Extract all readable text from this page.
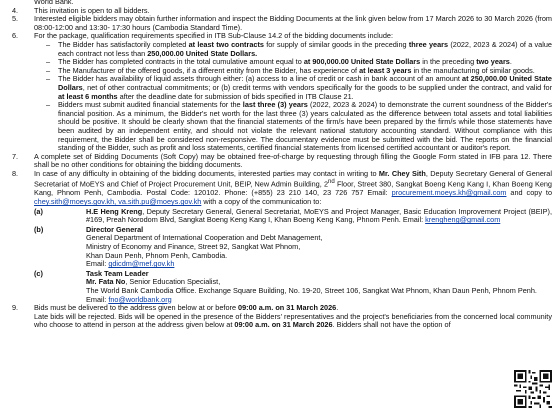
World Bank.
4.	This invitation is open to all bidders.
5.	Interested eligible bidders may obtain further information and inspect the Bidding Documents at the link given below from 17 March 2026 to 30 March 2026 (from 08:00-12:00 and 13:30- 17:30 hours (Cambodia Standard Time).
6.	For the package, qualification requirements specified in ITB Sub-Clause 14.2 of the bidding documents include:
– The Bidder has satisfactorily completed at least two contracts for supply of similar goods in the preceding three years (2022, 2023 & 2024) of a value each contract not less than 250,000.00 United State Dollars.
– The Bidder has completed contracts in the total cumulative amount equal to at 900,000.00 United State Dollars in the preceding two years.
– The Manufacturer of the offered goods, if a different entity from the Bidder, has experience of at least 3 years in the manufacturing of similar goods.
– The Bidder has availability of liquid assets through either: (a) access to a line of credit or cash in bank account of an amount at 250,000.00 United State Dollars, net of other contractual commitments; or (b) credit terms with vendors specifically for the goods to be supplied under the contract, and valid for at least 6 months after the deadline date for submission of bids specified in ITB Clause 21.
– Bidders must submit audited financial statements for the last three (3) years (2022, 2023 & 2024) to demonstrate the current soundness of the Bidder's financial position. As a minimum, the Bidder's net worth for the last three (3) years calculated as the difference between total assets and total liabilities should be positive. It should be clearly shown that the financial statements of the firm/s have been prepared by the firm/s while those statements have been audited by an independent entity, and should not violate the relevant national statutory accounting standard. Without compliance with this requirement, the Bidder shall be considered non-responsive. The documentary evidence must be submitted with the bid. The reports on the financial standing of the Bidder, such as profit and loss statements, certified financial statements from licensed certified accountant or auditor's report.
7.	A complete set of Bidding Documents (Soft Copy) may be obtained free-of-charge by requesting through filling the Google Form stated in IFB para 12. There shall be no other conditions for obtaining the bidding documents.
8.	In case of any difficulty in obtaining of the bidding documents, interested parties may contact in writing to Mr. Chey Sith, Deputy Secretary General of General Secretariat of MoEYS and Chief of Project Procurement Unit, BEIP, New Admin Building, 2nd Floor, Street 380, Sangkat Boeng Keng Kang I, Khan Boeng Keng Kang, Phnom Penh, Cambodia. Postal Code: 120102. Phone: (+855) 23 210 140, 23 726 757 Email: procurement.moeys.kh@gmail.com and copy to chey.sith@moeys.gov.kh, va.sith.pu@moeys.gov.kh with a copy of the communication to:
(a)	H.E Heng Kreng, Deputy Secretary General, General Secretariat, MoEYS and Project Manager, Basic Education Improvement Project (BEIP), #169, Preah Norodom Blvd, Sangkat Boeng Keng Kang I, Khan Boeng Keng Kang, Phnom Penh. Email: krengheng@gmail.com
(b)	Director General
General Department of International Cooperation and Debt Management,
Ministry of Economy and Finance, Street 92, Sangkat Wat Phnom,
Khan Daun Penh, Phnom Penh, Cambodia.
Email: gdicdm@mef.gov.kh
(c)	Task Team Leader
Mr. Fata No, Senior Education Specialist,
The World Bank Cambodia Office. Exchange Square Building, No. 19-20, Street 106, Sangkat Wat Phnom, Khan Daun Penh, Phnom Penh.
Email: fno@worldbank.org
9.	Bids must be delivered to the address given below at or before 09:00 a.m. on 31 March 2026.
Late bids will be rejected. Bids will be opened in the presence of the Bidders' representatives and the project's beneficiaries from the concerned local community who choose to attend in person at the address given below at 09:00 a.m. on 31 March 2026. Bidders shall not have the option of
